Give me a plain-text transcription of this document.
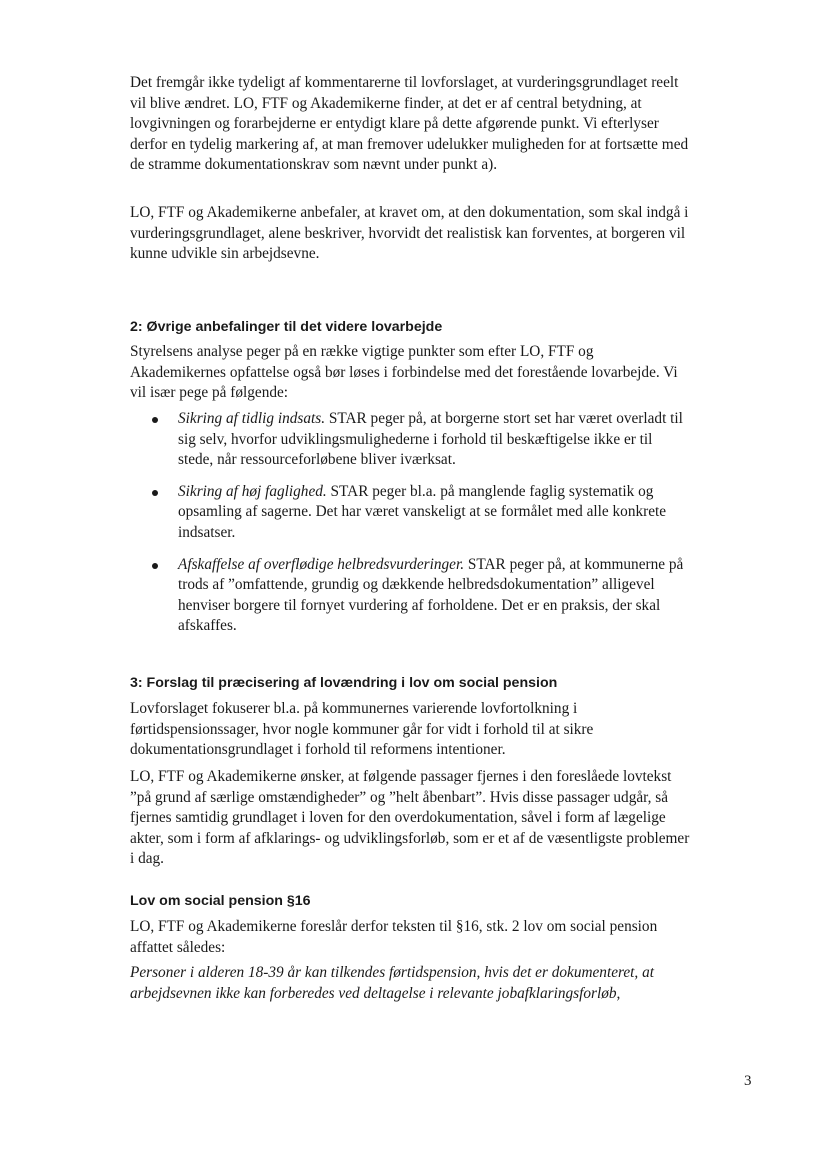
Det fremgår ikke tydeligt af kommentarerne til lovforslaget, at vurderingsgrundlaget reelt vil blive ændret. LO, FTF og Akademikerne finder, at det er af central betydning, at lovgivningen og forarbejderne er entydigt klare på dette afgørende punkt. Vi efterlyser derfor en tydelig markering af, at man fremover udelukker muligheden for at fortsætte med de stramme dokumentationskrav som nævnt under punkt a).

LO, FTF og Akademikerne anbefaler, at kravet om, at den dokumentation, som skal indgå i vurderingsgrundlaget, alene beskriver, hvorvidt det realistisk kan forventes, at borgeren vil kunne udvikle sin arbejdsevne.

2: Øvrige anbefalinger til det videre lovarbejde

Styrelsens analyse peger på en række vigtige punkter som efter LO, FTF og Akademikernes opfattelse også bør løses i forbindelse med det forestående lovarbejde. Vi vil især pege på følgende:

Sikring af tidlig indsats. STAR peger på, at borgerne stort set har været overladt til sig selv, hvorfor udviklingsmulighederne i forhold til beskæftigelse ikke er til stede, når ressourceforløbene bliver iværksat.
Sikring af høj faglighed. STAR peger bl.a. på manglende faglig systematik og opsamling af sagerne. Det har været vanskeligt at se formålet med alle konkrete indsatser.
Afskaffelse af overflødige helbredsvurderinger. STAR peger på, at kommunerne på trods af ”omfattende, grundig og dækkende helbredsdokumentation” alligevel henviser borgere til fornyet vurdering af forholdene. Det er en praksis, der skal afskaffes.
3: Forslag til præcisering af lovændring i lov om social pension

Lovforslaget fokuserer bl.a. på kommunernes varierende lovfortolkning i førtidspensionssager, hvor nogle kommuner går for vidt i forhold til at sikre dokumentationsgrundlaget i forhold til reformens intentioner.

LO, FTF og Akademikerne ønsker, at følgende passager fjernes i den foreslåede lovtekst ”på grund af særlige omstændigheder” og ”helt åbenbart”. Hvis disse passager udgår, så fjernes samtidig grundlaget i loven for den overdokumentation, såvel i form af lægelige akter, som i form af afklarings- og udviklingsforløb, som er et af de væsentligste problemer i dag.

Lov om social pension §16

LO, FTF og Akademikerne foreslår derfor teksten til §16, stk. 2 lov om social pension affattet således:

Personer i alderen 18-39 år kan tilkendes førtidspension, hvis det er dokumenteret, at arbejdsevnen ikke kan forberedes ved deltagelse i relevante jobafklaringsforløb,

3
